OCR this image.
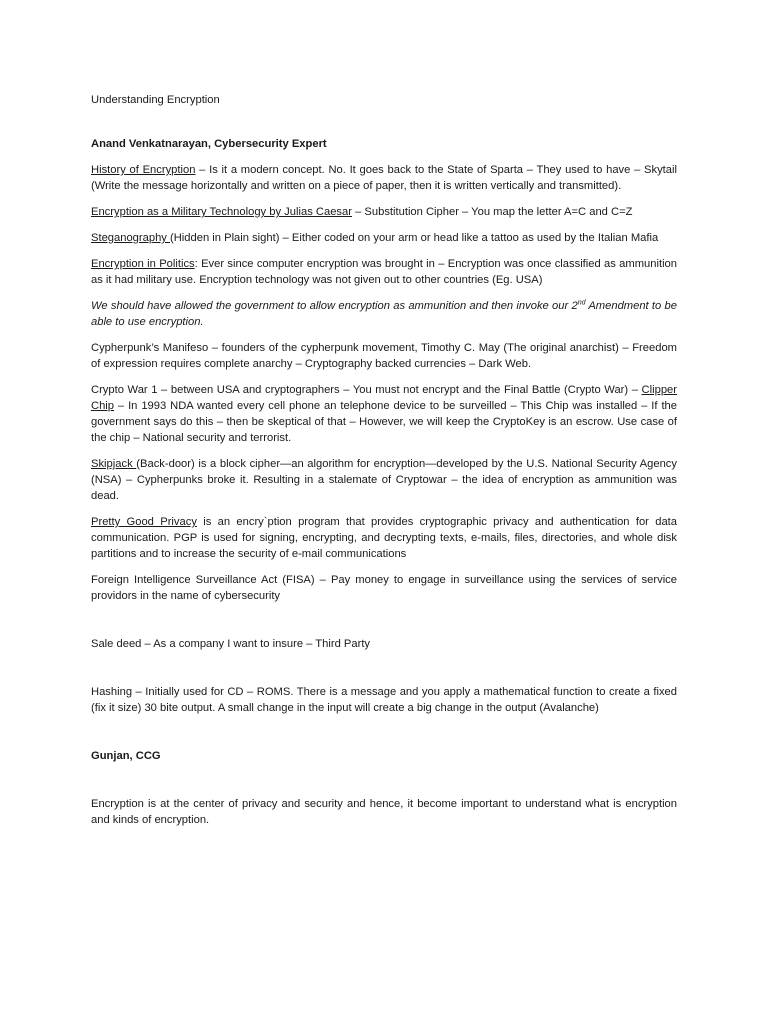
Understanding Encryption

Anand Venkatnarayan, Cybersecurity Expert

History of Encryption – Is it a modern concept. No. It goes back to the State of Sparta – They used to have – Skytail (Write the message horizontally and written on a piece of paper, then it is written vertically and transmitted).

Encryption as a Military Technology by Julias Caesar – Substitution Cipher – You map the letter A=C and C=Z

Steganography (Hidden in Plain sight) – Either coded on your arm or head like a tattoo as used by the Italian Mafia

Encryption in Politics: Ever since computer encryption was brought in – Encryption was once classified as ammunition as it had military use. Encryption technology was not given out to other countries (Eg. USA)

We should have allowed the government to allow encryption as ammunition and then invoke our 2nd Amendment to be able to use encryption.

Cypherpunk’s Manifeso – founders of the cypherpunk movement, Timothy C. May (The original anarchist) – Freedom of expression requires complete anarchy – Cryptography backed currencies – Dark Web.

Crypto War 1 – between USA and cryptographers – You must not encrypt and the Final Battle (Crypto War) – Clipper Chip – In 1993 NDA wanted every cell phone an telephone device to be surveilled – This Chip was installed – If the government says do this – then be skeptical of that – However, we will keep the CryptoKey is an escrow. Use case of the chip – National security and terrorist.

Skipjack (Back-door) is a block cipher—an algorithm for encryption—developed by the U.S. National Security Agency (NSA) – Cypherpunks broke it. Resulting in a stalemate of Cryptowar – the idea of encryption as ammunition was dead.

Pretty Good Privacy is an encry`ption program that provides cryptographic privacy and authentication for data communication. PGP is used for signing, encrypting, and decrypting texts, e-mails, files, directories, and whole disk partitions and to increase the security of e-mail communications

Foreign Intelligence Surveillance Act (FISA) – Pay money to engage in surveillance using the services of service providors in the name of cybersecurity

Sale deed – As a company I want to insure – Third Party

Hashing – Initially used for CD – ROMS. There is a message and you apply a mathematical function to create a fixed (fix it size) 30 bite output. A small change in the input will create a big change in the output (Avalanche)

Gunjan, CCG

Encryption is at the center of privacy and security and hence, it become important to understand what is encryption and kinds of encryption.
